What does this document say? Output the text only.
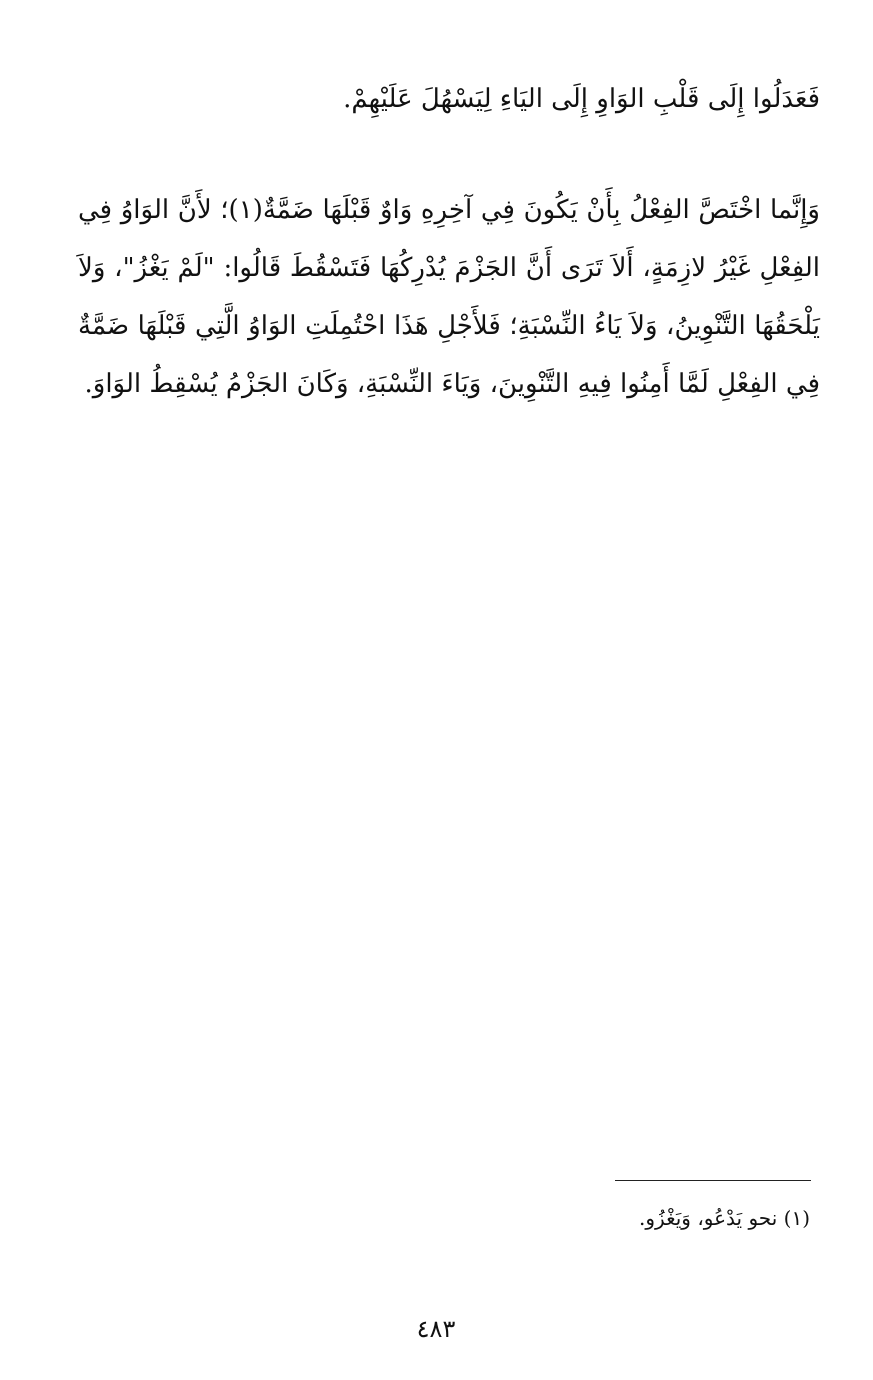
فَعَدَلُوا إِلَى قَلْبِ الوَاوِ إِلَى اليَاءِ لِيَسْهُلَ عَلَيْهِمْ.

وَإِنَّما اخْتَصَّ الفِعْلُ بِأَنْ يَكُونَ فِي آخِرِهِ وَاوٌ قَبْلَهَا ضَمَّةٌ(١)؛ لأَنَّ الوَاوُ فِي الفِعْلِ غَيْرُ لازِمَةٍ، أَلاَ تَرَى أَنَّ الجَزْمَ يُدْرِكُهَا فَتَسْقُطَ قَالُوا: "لَمْ يَغْزُ"، وَلاَ يَلْحَقُهَا التَّنْوِينُ، وَلاَ يَاءُ النِّسْبَةِ؛ فَلأَجْلِ هَذَا احْتُمِلَتِ الوَاوُ الَّتِي قَبْلَهَا ضَمَّةٌ فِي الفِعْلِ لَمَّا أَمِنُوا فِيهِ التَّنْوِينَ، وَيَاءَ النِّسْبَةِ، وَكَانَ الجَزْمُ يُسْقِطُ الوَاوَ.

(١) نحو يَدْعُو، وَيَغْزُو.

٤٨٣
